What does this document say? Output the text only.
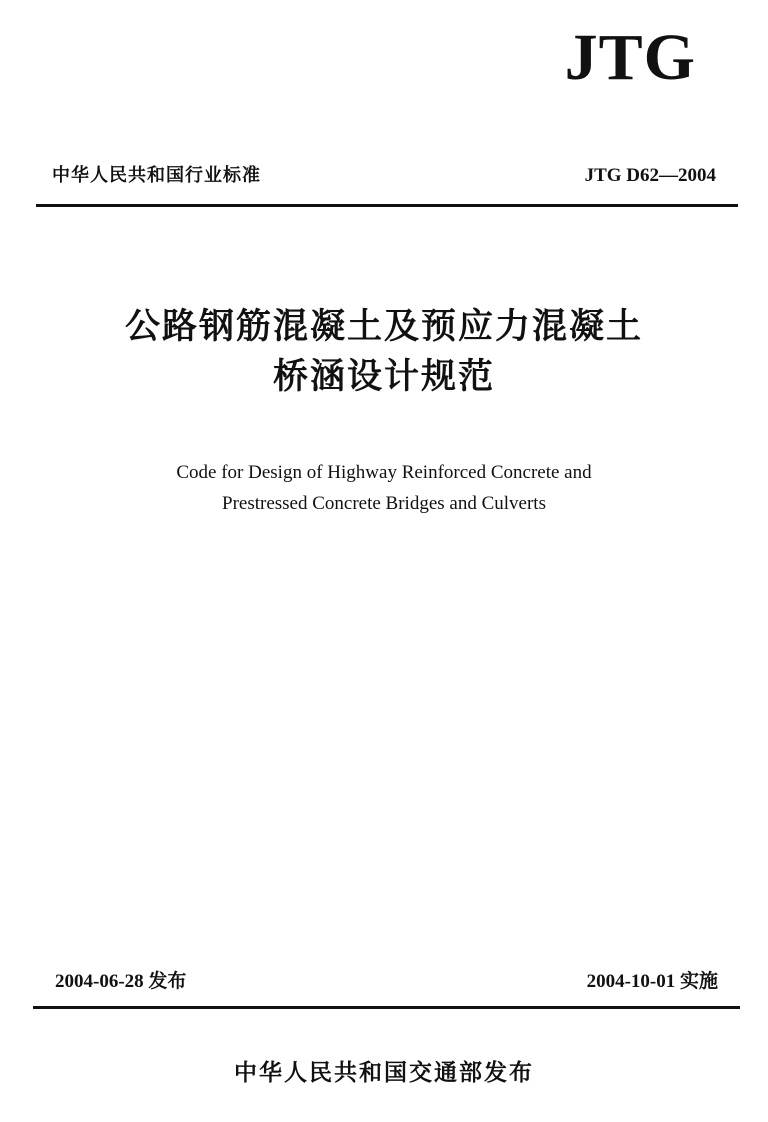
JTG
中华人民共和国行业标准	JTG D62—2004
公路钢筋混凝土及预应力混凝土
桥涵设计规范
Code for Design of Highway Reinforced Concrete and
Prestressed Concrete Bridges and Culverts
2004-06-28 发布	2004-10-01 实施
中华人民共和国交通部发布
